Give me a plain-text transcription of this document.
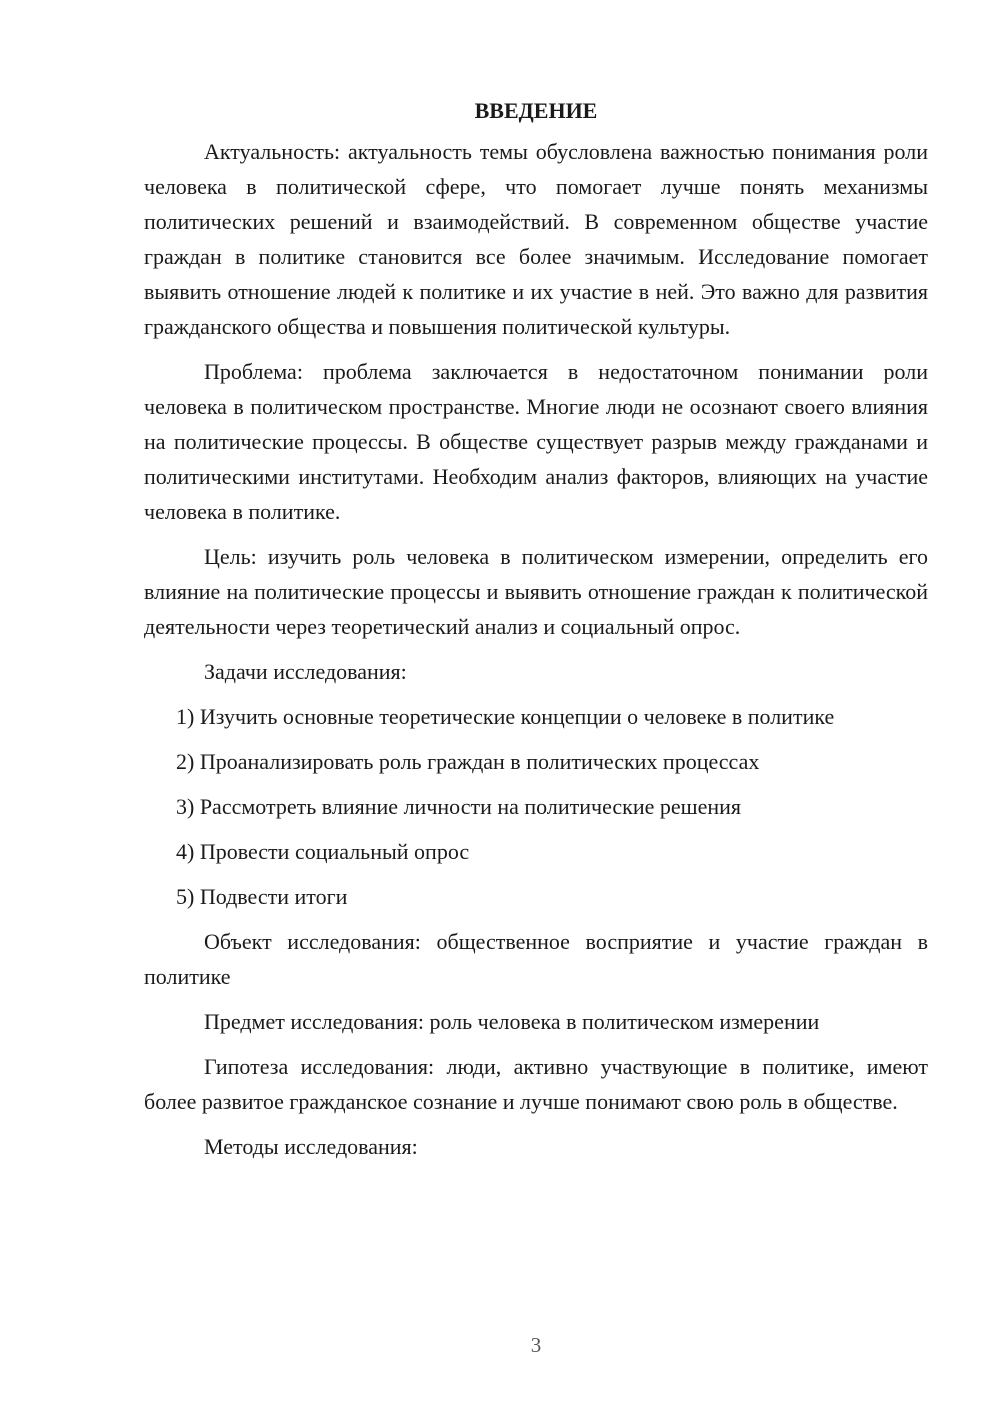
ВВЕДЕНИЕ

Актуальность: актуальность темы обусловлена важностью понимания роли человека в политической сфере, что помогает лучше понять механизмы политических решений и взаимодействий. В современном обществе участие граждан в политике становится все более значимым. Исследование помогает выявить отношение людей к политике и их участие в ней. Это важно для развития гражданского общества и повышения политической культуры.

Проблема: проблема заключается в недостаточном понимании роли человека в политическом пространстве. Многие люди не осознают своего влияния на политические процессы. В обществе существует разрыв между гражданами и политическими институтами. Необходим анализ факторов, влияющих на участие человека в политике.

Цель: изучить роль человека в политическом измерении, определить его влияние на политические процессы и выявить отношение граждан к политической деятельности через теоретический анализ и социальный опрос.

Задачи исследования:

1) Изучить основные теоретические концепции о человеке в политике
2) Проанализировать роль граждан в политических процессах
3) Рассмотреть влияние личности на политические решения
4) Провести социальный опрос
5) Подвести итоги

Объект исследования: общественное восприятие и участие граждан в политике

Предмет исследования: роль человека в политическом измерении

Гипотеза исследования: люди, активно участвующие в политике, имеют более развитое гражданское сознание и лучше понимают свою роль в обществе.

Методы исследования:

3
